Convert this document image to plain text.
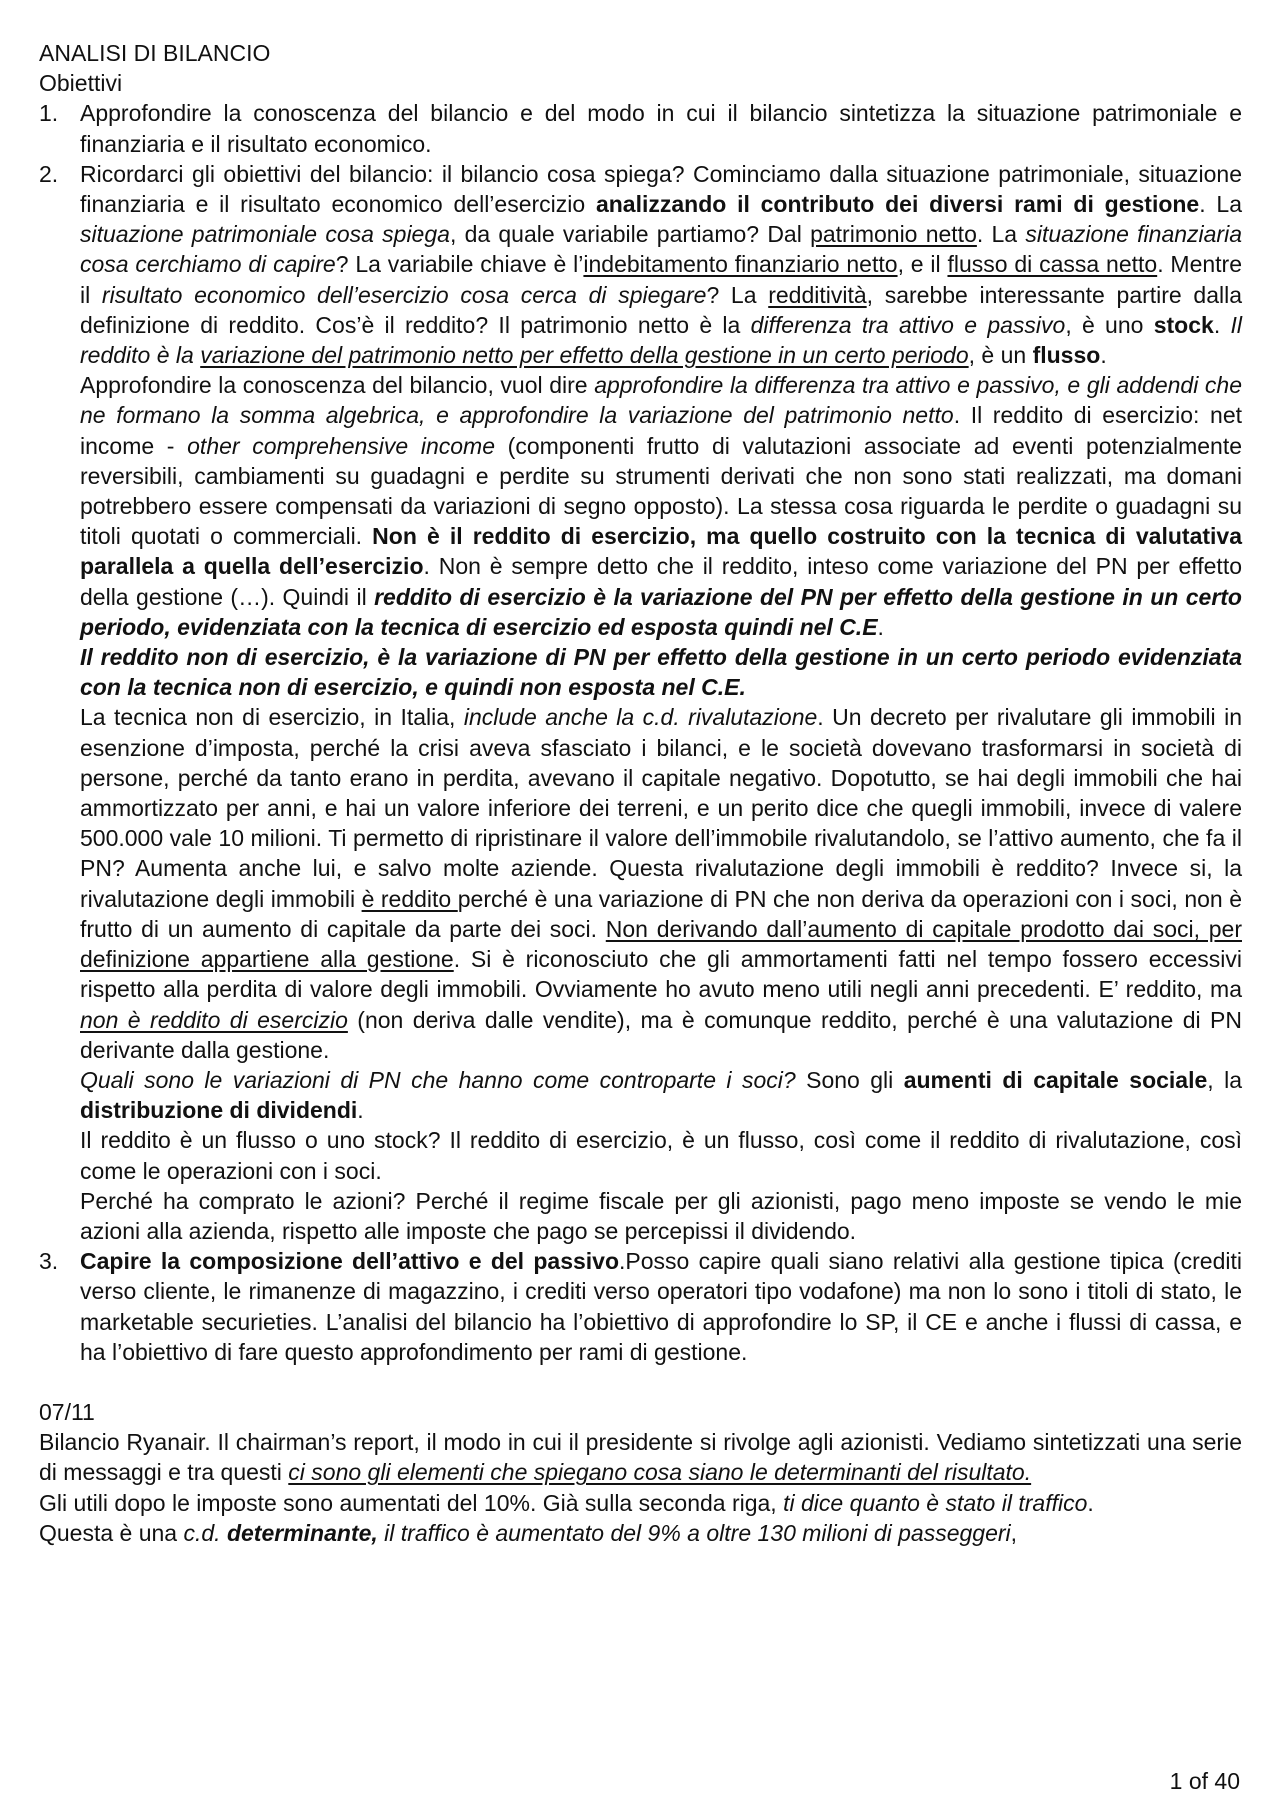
ANALISI DI BILANCIO
Obiettivi
1. Approfondire la conoscenza del bilancio e del modo in cui il bilancio sintetizza la situazione patrimoniale e finanziaria e il risultato economico.

2. Ricordarci gli obiettivi del bilancio: il bilancio cosa spiega? Cominciamo dalla situazione patrimoniale, situazione finanziaria e il risultato economico dell’esercizio analizzando il contributo dei diversi rami di gestione. La situazione patrimoniale cosa spiega, da quale variabile partiamo? Dal patrimonio netto. La situazione finanziaria cosa cerchiamo di capire? La variabile chiave è l’indebitamento finanziario netto, e il flusso di cassa netto. Mentre il risultato economico dell’esercizio cosa cerca di spiegare? La redditività, sarebbe interessante partire dalla definizione di reddito. Cos’è il reddito? Il patrimonio netto è la differenza tra attivo e passivo, è uno stock. Il reddito è la variazione del patrimonio netto per effetto della gestione in un certo periodo, è un flusso.

Approfondire la conoscenza del bilancio, vuol dire approfondire la differenza tra attivo e passivo, e gli addendi che ne formano la somma algebrica, e approfondire la variazione del patrimonio netto. Il reddito di esercizio: net income - other comprehensive income (componenti frutto di valutazioni associate ad eventi potenzialmente reversibili, cambiamenti su guadagni e perdite su strumenti derivati che non sono stati realizzati, ma domani potrebbero essere compensati da variazioni di segno opposto). La stessa cosa riguarda le perdite o guadagni su titoli quotati o commerciali. Non è il reddito di esercizio, ma quello costruito con la tecnica di valutativa parallela a quella dell’esercizio. Non è sempre detto che il reddito, inteso come variazione del PN per effetto della gestione (…). Quindi il reddito di esercizio è la variazione del PN per effetto della gestione in un certo periodo, evidenziata con la tecnica di esercizio ed esposta quindi nel C.E.

Il reddito non di esercizio, è la variazione di PN per effetto della gestione in un certo periodo evidenziata con la tecnica non di esercizio, e quindi non esposta nel C.E.

La tecnica non di esercizio, in Italia, include anche la c.d. rivalutazione. Un decreto per rivalutare gli immobili in esenzione d’imposta, perché la crisi aveva sfasciato i bilanci, e le società dovevano trasformarsi in società di persone, perché da tanto erano in perdita, avevano il capitale negativo. Dopotutto, se hai degli immobili che hai ammortizzato per anni, e hai un valore inferiore dei terreni, e un perito dice che quegli immobili, invece di valere 500.000 vale 10 milioni. Ti permetto di ripristinare il valore dell’immobile rivalutandolo, se l’attivo aumento, che fa il PN? Aumenta anche lui, e salvo molte aziende. Questa rivalutazione degli immobili è reddito? Invece si, la rivalutazione degli immobili è reddito perché è una variazione di PN che non deriva da operazioni con i soci, non è frutto di un aumento di capitale da parte dei soci. Non derivando dall’aumento di capitale prodotto dai soci, per definizione appartiene alla gestione. Si è riconosciuto che gli ammortamenti fatti nel tempo fossero eccessivi rispetto alla perdita di valore degli immobili. Ovviamente ho avuto meno utili negli anni precedenti. E’ reddito, ma non è reddito di esercizio (non deriva dalle vendite), ma è comunque reddito, perché è una valutazione di PN derivante dalla gestione.

Quali sono le variazioni di PN che hanno come controparte i soci? Sono gli aumenti di capitale sociale, la distribuzione di dividendi.

Il reddito è un flusso o uno stock? Il reddito di esercizio, è un flusso, così come il reddito di rivalutazione, così come le operazioni con i soci.

Perché ha comprato le azioni? Perché il regime fiscale per gli azionisti, pago meno imposte se vendo le mie azioni alla azienda, rispetto alle imposte che pago se percepissi il dividendo.

3. Capire la composizione dell’attivo e del passivo.Posso capire quali siano relativi alla gestione tipica (crediti verso cliente, le rimanenze di magazzino, i crediti verso operatori tipo vodafone) ma non lo sono i titoli di stato, le marketable securieties. L’analisi del bilancio ha l’obiettivo di approfondire lo SP, il CE e anche i flussi di cassa, e ha l’obiettivo di fare questo approfondimento per rami di gestione.

07/11

Bilancio Ryanair. Il chairman’s report, il modo in cui il presidente si rivolge agli azionisti. Vediamo sintetizzati una serie di messaggi e tra questi ci sono gli elementi che spiegano cosa siano le determinanti del risultato.

Gli utili dopo le imposte sono aumentati del 10%. Già sulla seconda riga, ti dice quanto è stato il traffico.

Questa è una c.d. determinante, il traffico è aumentato del 9% a oltre 130 milioni di passeggeri,

1 of 40
